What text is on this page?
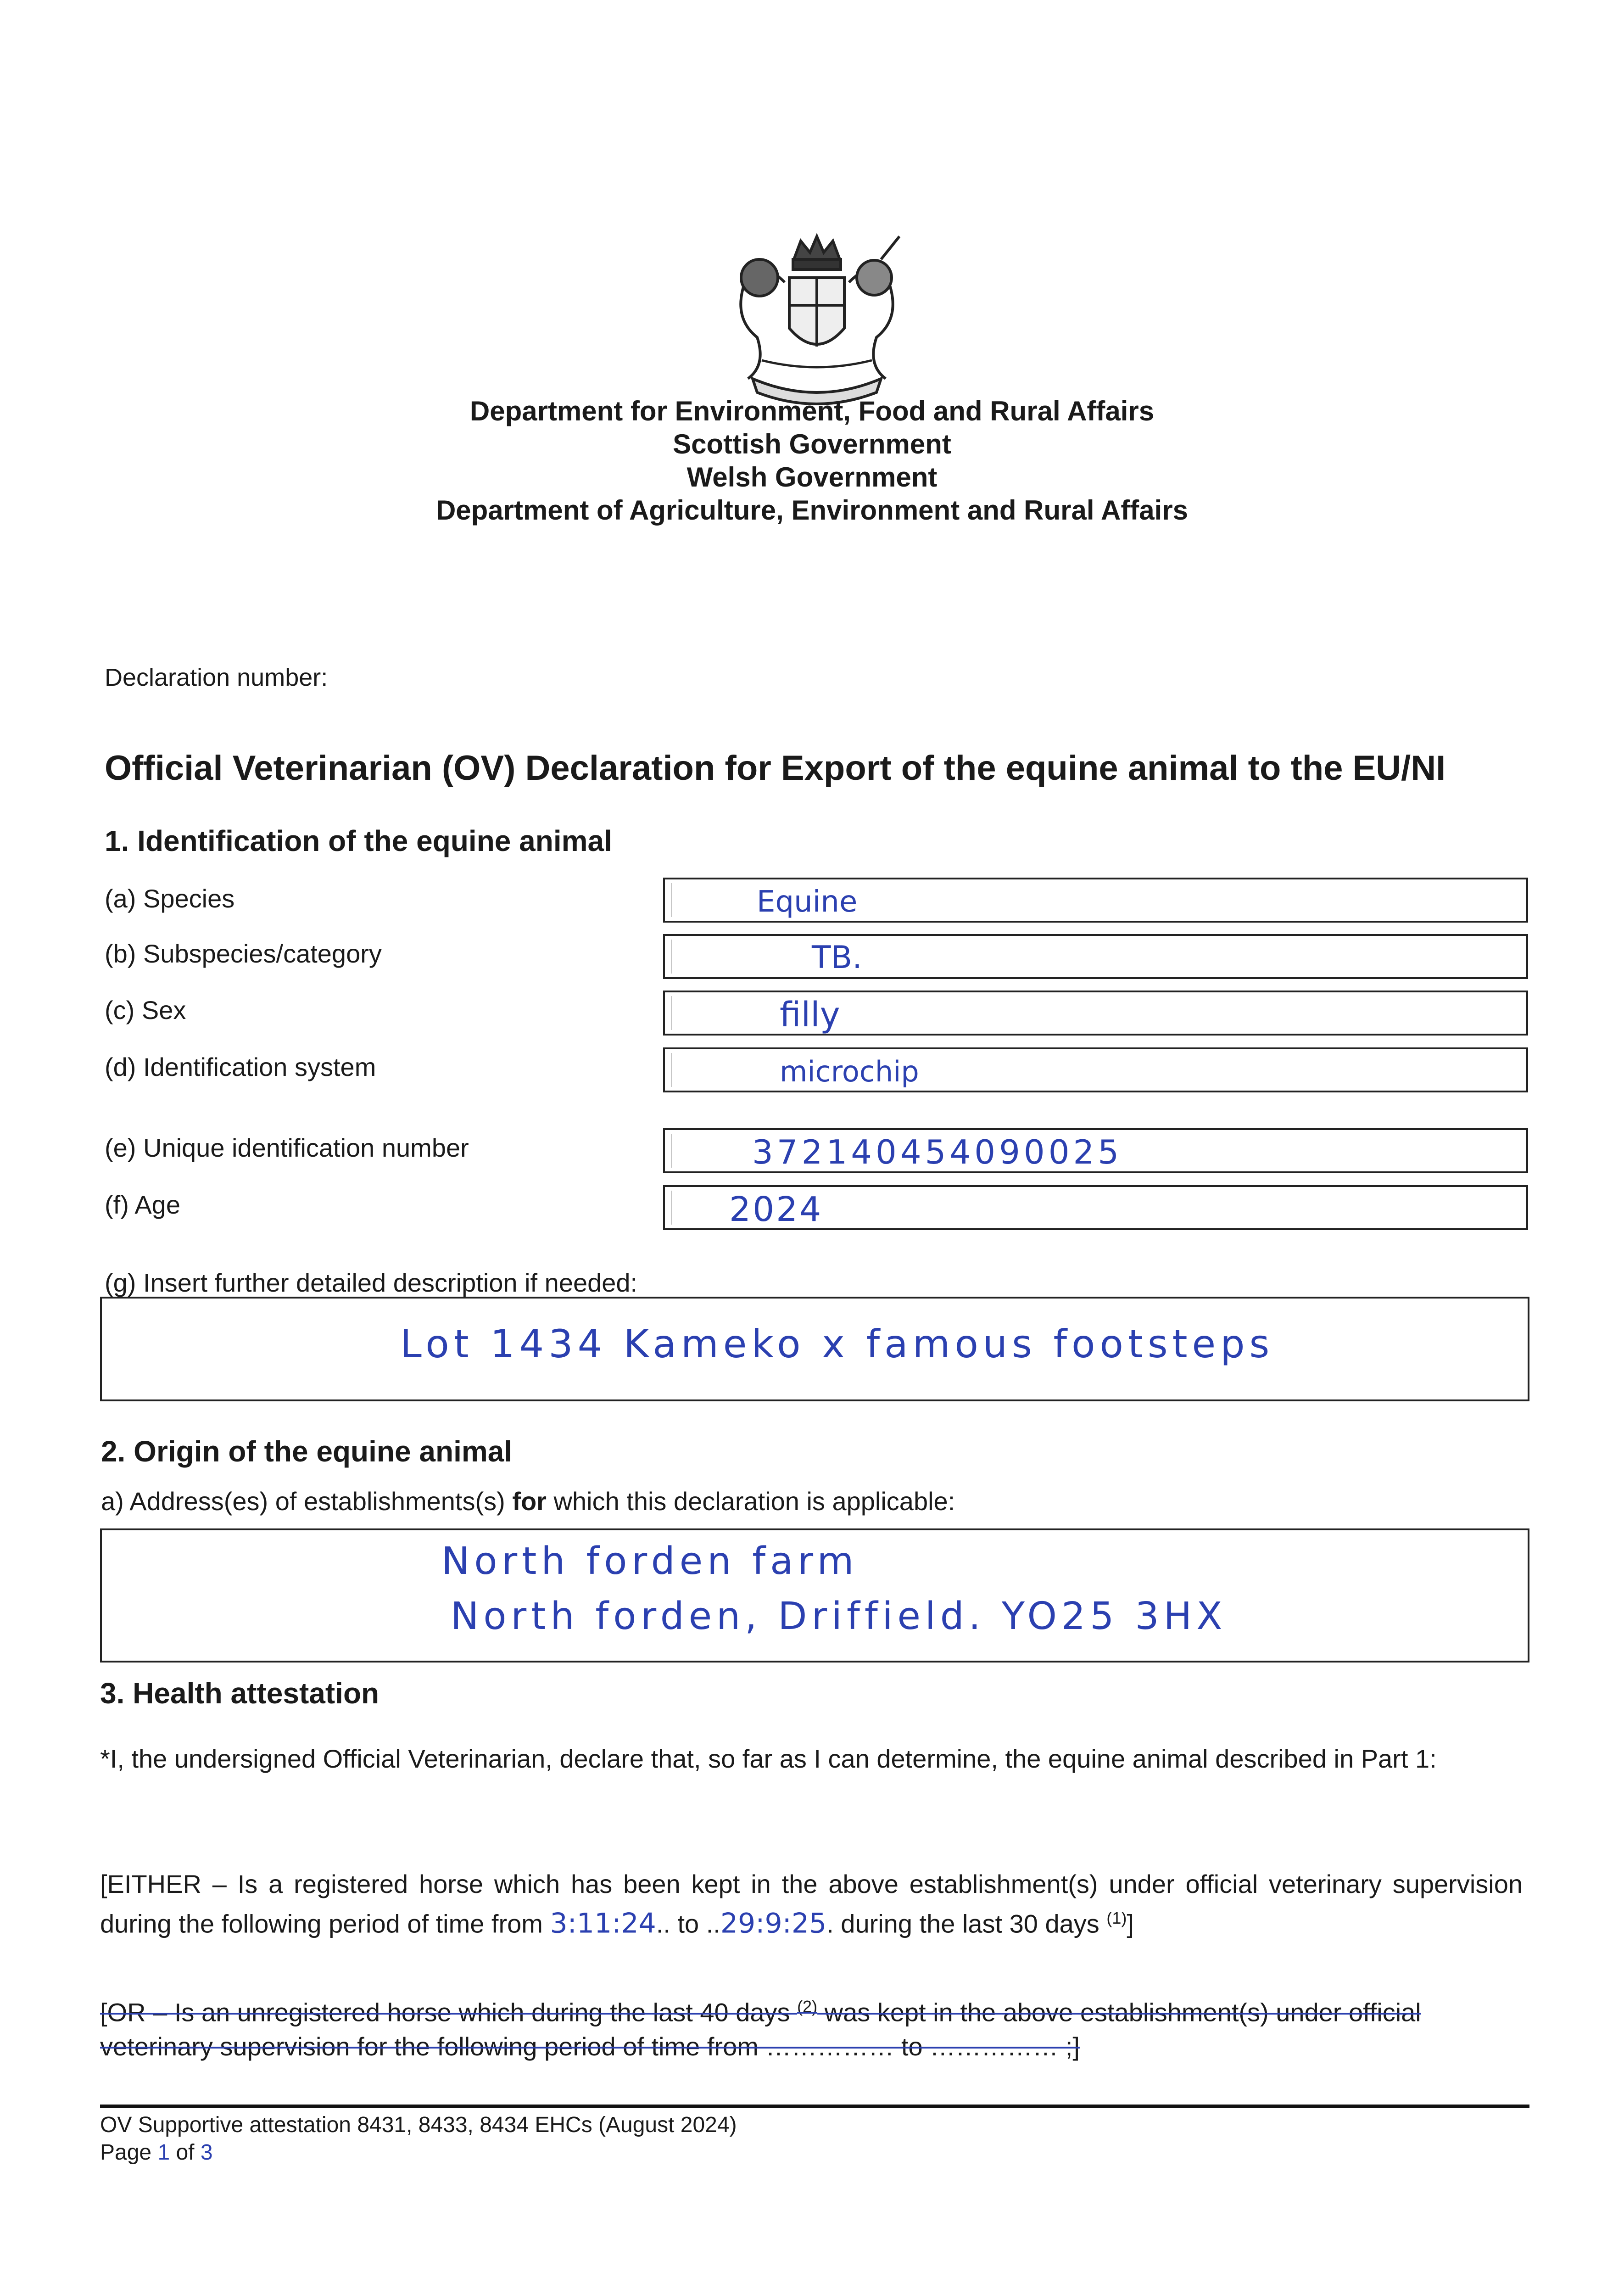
Department for Environment, Food and Rural Affairs
Scottish Government
Welsh Government
Department of Agriculture, Environment and Rural Affairs
Declaration number:
Official Veterinarian (OV) Declaration for Export of the equine animal to the EU/NI
1. Identification of the equine animal
(a) Species	Equine
(b) Subspecies/category	TB.
(c) Sex	filly
(d) Identification system	microchip
(e) Unique identification number	372140454090025
(f) Age	2024
(g) Insert further detailed description if needed:
Lot 1434 Kameko x famous footsteps
2. Origin of the equine animal
a) Address(es) of establishments(s) for which this declaration is applicable:
North forden farm
North forden, Driffield. YO25 3HX
3. Health attestation
*I, the undersigned Official Veterinarian, declare that, so far as I can determine, the equine animal described in Part 1:
[EITHER – Is a registered horse which has been kept in the above establishment(s) under official veterinary supervision during the following period of time from 3:11:24.. to ..29:9:25. during the last 30 days $^{(1)}$]
[OR – Is an unregistered horse which during the last 40 days $^{(2)}$ was kept in the above establishment(s) under official veterinary supervision for the following period of time from …………… to …………… ;]
OV Supportive attestation 8431, 8433, 8434 EHCs (August 2024)
Page 1 of 3
